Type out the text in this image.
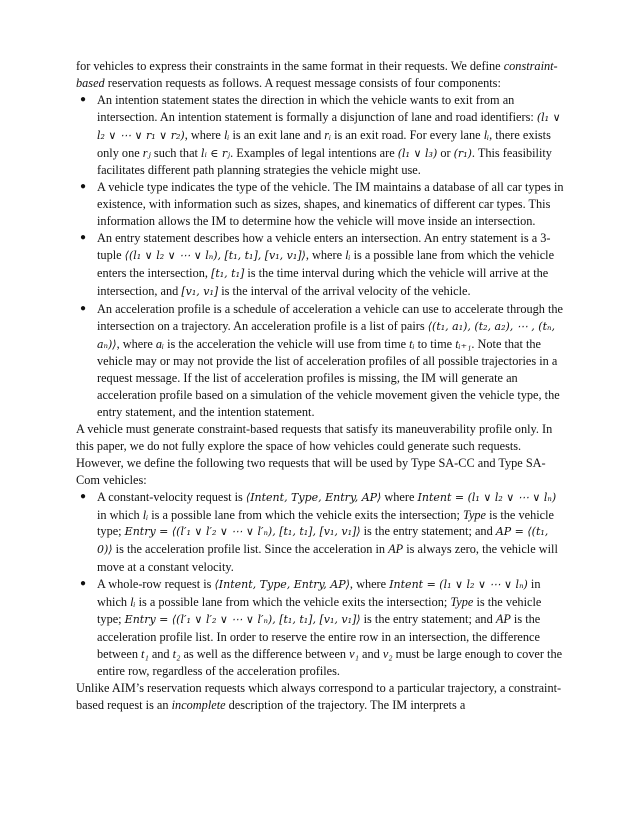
for vehicles to express their constraints in the same format in their requests. We define constraint-based reservation requests as follows. A request message consists of four components:

● An intention statement states the direction in which the vehicle wants to exit from an intersection. An intention statement is formally a disjunction of lane and road identifiers: (l₁ ∨ l₂ ∨ ⋯ ∨ r₁ ∨ r₂), where lᵢ is an exit lane and rᵢ is an exit road. For every lane lᵢ, there exists only one rⱼ such that lᵢ ∈ rⱼ. Examples of legal intentions are (l₁ ∨ l₃) or (r₁). This feasibility facilitates different path planning strategies the vehicle might use.
● A vehicle type indicates the type of the vehicle. The IM maintains a database of all car types in existence, with information such as sizes, shapes, and kinematics of different car types. This information allows the IM to determine how the vehicle will move inside an intersection.
● An entry statement describes how a vehicle enters an intersection. An entry statement is a 3-tuple ⟨(l₁ ∨ l₂ ∨ ⋯ ∨ lₙ), [t₁, t₁], [v₁, v₁]⟩, where lᵢ is a possible lane from which the vehicle enters the intersection, [t₁, t₁] is the time interval during which the vehicle will arrive at the intersection, and [v₁, v₁] is the interval of the arrival velocity of the vehicle.
● An acceleration profile is a schedule of acceleration a vehicle can use to accelerate through the intersection on a trajectory. An acceleration profile is a list of pairs ⟨(t₁, a₁), (t₂, a₂), ⋯ , (tₙ, aₙ)⟩, where aᵢ is the acceleration the vehicle will use from time tᵢ to time tᵢ₊₁. Note that the vehicle may or may not provide the list of acceleration profiles of all possible trajectories in a request message. If the list of acceleration profiles is missing, the IM will generate an acceleration profile based on a simulation of the vehicle movement given the vehicle type, the entry statement, and the intention statement.

A vehicle must generate constraint-based requests that satisfy its maneuverability profile only. In this paper, we do not fully explore the space of how vehicles could generate such requests. However, we define the following two requests that will be used by Type SA-CC and Type SA-Com vehicles:

● A constant-velocity request is ⟨Intent, Type, Entry, AP⟩ where Intent = (l₁ ∨ l₂ ∨ ⋯ ∨ lₙ) in which lᵢ is a possible lane from which the vehicle exits the intersection; Type is the vehicle type; Entry = ⟨(l′₁ ∨ l′₂ ∨ ⋯ ∨ l′ₙ), [t₁, t₁], [v₁, v₁]⟩ is the entry statement; and AP = ⟨(t₁, 0)⟩ is the acceleration profile list. Since the acceleration in AP is always zero, the vehicle will move at a constant velocity.
● A whole-row request is ⟨Intent, Type, Entry, AP⟩, where Intent = (l₁ ∨ l₂ ∨ ⋯ ∨ lₙ) in which lᵢ is a possible lane from which the vehicle exits the intersection; Type is the vehicle type; Entry = ⟨(l′₁ ∨ l′₂ ∨ ⋯ ∨ l′ₙ), [t₁, t₁], [v₁, v₁]⟩ is the entry statement; and AP is the acceleration profile list. In order to reserve the entire row in an intersection, the difference between t₁ and t₂ as well as the difference between v₁ and v₂ must be large enough to cover the entire row, regardless of the acceleration profiles.

Unlike AIM’s reservation requests which always correspond to a particular trajectory, a constraint-based request is an incomplete description of the trajectory. The IM interprets a
